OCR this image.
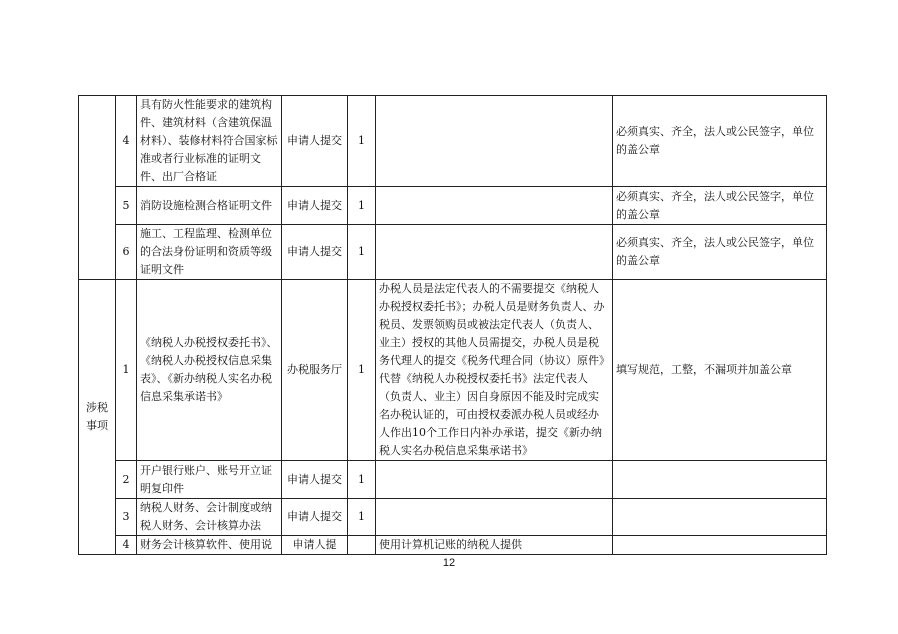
	4	具有防火性能要求的建筑构件、建筑材料（含建筑保温材料）、装修材料符合国家标准或者行业标准的证明文件、出厂合格证	申请人提交	1		必须真实、齐全，法人或公民签字，单位的盖公章
	5	消防设施检测合格证明文件	申请人提交	1		必须真实、齐全，法人或公民签字，单位的盖公章
	6	施工、工程监理、检测单位的合法身份证明和资质等级证明文件	申请人提交	1		必须真实、齐全，法人或公民签字，单位的盖公章
涉税事项	1	《纳税人办税授权委托书》、《纳税人办税授权信息采集表》、《新办纳税人实名办税信息采集承诺书》	办税服务厅	1	办税人员是法定代表人的不需要提交《纳税人办税授权委托书》；办税人员是财务负责人、办税员、发票领购员或被法定代表人（负责人、业主）授权的其他人员需提交，办税人员是税务代理人的提交《税务代理合同（协议）原件》代替《纳税人办税授权委托书》法定代表人（负责人、业主）因自身原因不能及时完成实名办税认证的，可由授权委派办税人员或经办人作出10个工作日内补办承诺，提交《新办纳税人实名办税信息采集承诺书》	填写规范，工整，不漏项并加盖公章
	2	开户银行账户、账号开立证明复印件	申请人提交	1		
	3	纳税人财务、会计制度或纳税人财务、会计核算办法	申请人提交	1		
	4	财务会计核算软件、使用说	申请人提		使用计算机记账的纳税人提供	
12
